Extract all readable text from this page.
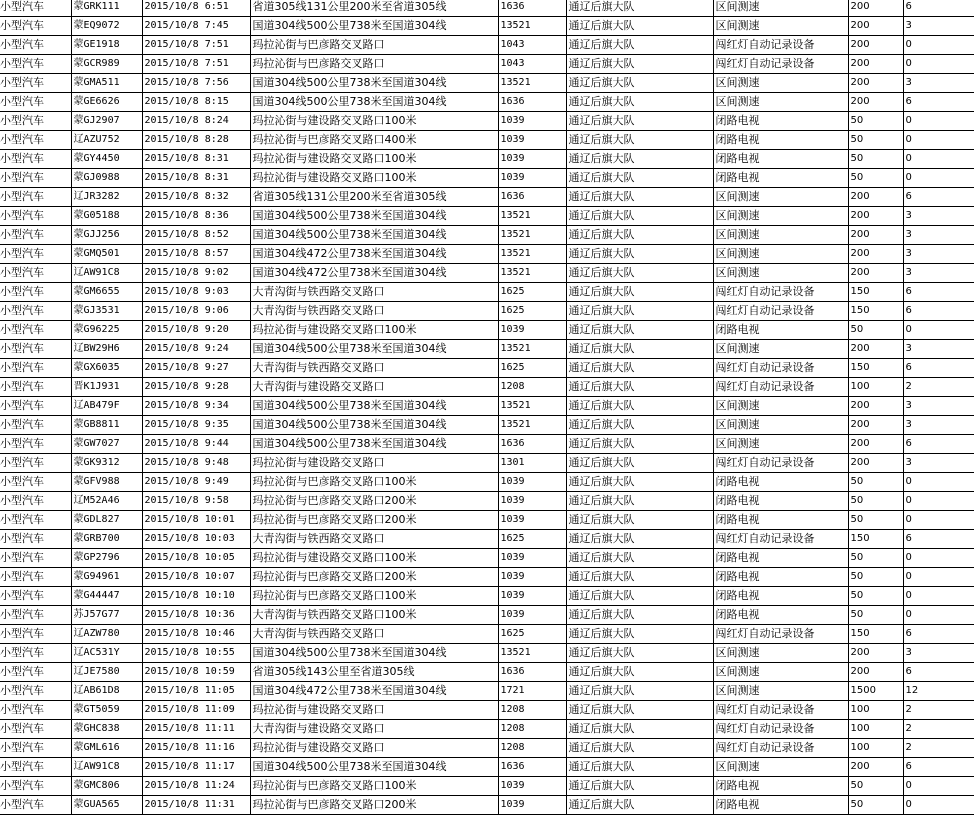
小型汽车	蒙GRK111	2015/10/8 6:51	省道305线131公里200米至省道305线	1636	通辽后旗大队	区间测速	200	6
小型汽车	蒙EQ9072	2015/10/8 7:45	国道304线500公里738米至国道304线	13521	通辽后旗大队	区间测速	200	3
小型汽车	蒙GE1918	2015/10/8 7:51	玛拉沁街与巴彦路交叉路口	1043	通辽后旗大队	闯红灯自动记录设备	200	0
小型汽车	蒙GCR989	2015/10/8 7:51	玛拉沁街与巴彦路交叉路口	1043	通辽后旗大队	闯红灯自动记录设备	200	0
小型汽车	蒙GMA511	2015/10/8 7:56	国道304线500公里738米至国道304线	13521	通辽后旗大队	区间测速	200	3
小型汽车	蒙GE6626	2015/10/8 8:15	国道304线500公里738米至国道304线	1636	通辽后旗大队	区间测速	200	6
小型汽车	蒙GJ2907	2015/10/8 8:24	玛拉沁街与建设路交叉路口100米	1039	通辽后旗大队	闭路电视	50	0
小型汽车	辽AZU752	2015/10/8 8:28	玛拉沁街与巴彦路交叉路口400米	1039	通辽后旗大队	闭路电视	50	0
小型汽车	蒙GY4450	2015/10/8 8:31	玛拉沁街与建设路交叉路口100米	1039	通辽后旗大队	闭路电视	50	0
小型汽车	蒙GJ0988	2015/10/8 8:31	玛拉沁街与建设路交叉路口100米	1039	通辽后旗大队	闭路电视	50	0
小型汽车	辽JR3282	2015/10/8 8:32	省道305线131公里200米至省道305线	1636	通辽后旗大队	区间测速	200	6
小型汽车	蒙G05188	2015/10/8 8:36	国道304线500公里738米至国道304线	13521	通辽后旗大队	区间测速	200	3
小型汽车	蒙GJJ256	2015/10/8 8:52	国道304线500公里738米至国道304线	13521	通辽后旗大队	区间测速	200	3
小型汽车	蒙GMQ501	2015/10/8 8:57	国道304线472公里738米至国道304线	13521	通辽后旗大队	区间测速	200	3
小型汽车	辽AW91C8	2015/10/8 9:02	国道304线472公里738米至国道304线	13521	通辽后旗大队	区间测速	200	3
小型汽车	蒙GM6655	2015/10/8 9:03	大青沟街与铁西路交叉路口	1625	通辽后旗大队	闯红灯自动记录设备	150	6
小型汽车	蒙GJ3531	2015/10/8 9:06	大青沟街与铁西路交叉路口	1625	通辽后旗大队	闯红灯自动记录设备	150	6
小型汽车	蒙G96225	2015/10/8 9:20	玛拉沁街与建设路交叉路口100米	1039	通辽后旗大队	闭路电视	50	0
小型汽车	辽BW29H6	2015/10/8 9:24	国道304线500公里738米至国道304线	13521	通辽后旗大队	区间测速	200	3
小型汽车	蒙GX6035	2015/10/8 9:27	大青沟街与铁西路交叉路口	1625	通辽后旗大队	闯红灯自动记录设备	150	6
小型汽车	晋K1J931	2015/10/8 9:28	大青沟街与建设路交叉路口	1208	通辽后旗大队	闯红灯自动记录设备	100	2
小型汽车	辽AB479F	2015/10/8 9:34	国道304线500公里738米至国道304线	13521	通辽后旗大队	区间测速	200	3
小型汽车	蒙GB8811	2015/10/8 9:35	国道304线500公里738米至国道304线	13521	通辽后旗大队	区间测速	200	3
小型汽车	蒙GW7027	2015/10/8 9:44	国道304线500公里738米至国道304线	1636	通辽后旗大队	区间测速	200	6
小型汽车	蒙GK9312	2015/10/8 9:48	玛拉沁街与建设路交叉路口	1301	通辽后旗大队	闯红灯自动记录设备	200	3
小型汽车	蒙GFV988	2015/10/8 9:49	玛拉沁街与巴彦路交叉路口100米	1039	通辽后旗大队	闭路电视	50	0
小型汽车	辽M52A46	2015/10/8 9:58	玛拉沁街与巴彦路交叉路口200米	1039	通辽后旗大队	闭路电视	50	0
小型汽车	蒙GDL827	2015/10/8 10:01	玛拉沁街与巴彦路交叉路口200米	1039	通辽后旗大队	闭路电视	50	0
小型汽车	蒙GRB700	2015/10/8 10:03	大青沟街与铁西路交叉路口	1625	通辽后旗大队	闯红灯自动记录设备	150	6
小型汽车	蒙GP2796	2015/10/8 10:05	玛拉沁街与建设路交叉路口100米	1039	通辽后旗大队	闭路电视	50	0
小型汽车	蒙G94961	2015/10/8 10:07	玛拉沁街与巴彦路交叉路口200米	1039	通辽后旗大队	闭路电视	50	0
小型汽车	蒙G44447	2015/10/8 10:10	玛拉沁街与巴彦路交叉路口100米	1039	通辽后旗大队	闭路电视	50	0
小型汽车	苏J57G77	2015/10/8 10:36	大青沟街与铁西路交叉路口100米	1039	通辽后旗大队	闭路电视	50	0
小型汽车	辽AZW780	2015/10/8 10:46	大青沟街与铁西路交叉路口	1625	通辽后旗大队	闯红灯自动记录设备	150	6
小型汽车	辽AC531Y	2015/10/8 10:55	国道304线500公里738米至国道304线	13521	通辽后旗大队	区间测速	200	3
小型汽车	辽JE7580	2015/10/8 10:59	省道305线143公里至省道305线	1636	通辽后旗大队	区间测速	200	6
小型汽车	辽AB61D8	2015/10/8 11:05	国道304线472公里738米至国道304线	1721	通辽后旗大队	区间测速	1500	12
小型汽车	蒙GT5059	2015/10/8 11:09	玛拉沁街与建设路交叉路口	1208	通辽后旗大队	闯红灯自动记录设备	100	2
小型汽车	蒙GHC838	2015/10/8 11:11	大青沟街与建设路交叉路口	1208	通辽后旗大队	闯红灯自动记录设备	100	2
小型汽车	蒙GML616	2015/10/8 11:16	玛拉沁街与建设路交叉路口	1208	通辽后旗大队	闯红灯自动记录设备	100	2
小型汽车	辽AW91C8	2015/10/8 11:17	国道304线500公里738米至国道304线	1636	通辽后旗大队	区间测速	200	6
小型汽车	蒙GMC806	2015/10/8 11:24	玛拉沁街与巴彦路交叉路口100米	1039	通辽后旗大队	闭路电视	50	0
小型汽车	蒙GUA565	2015/10/8 11:31	玛拉沁街与巴彦路交叉路口200米	1039	通辽后旗大队	闭路电视	50	0
